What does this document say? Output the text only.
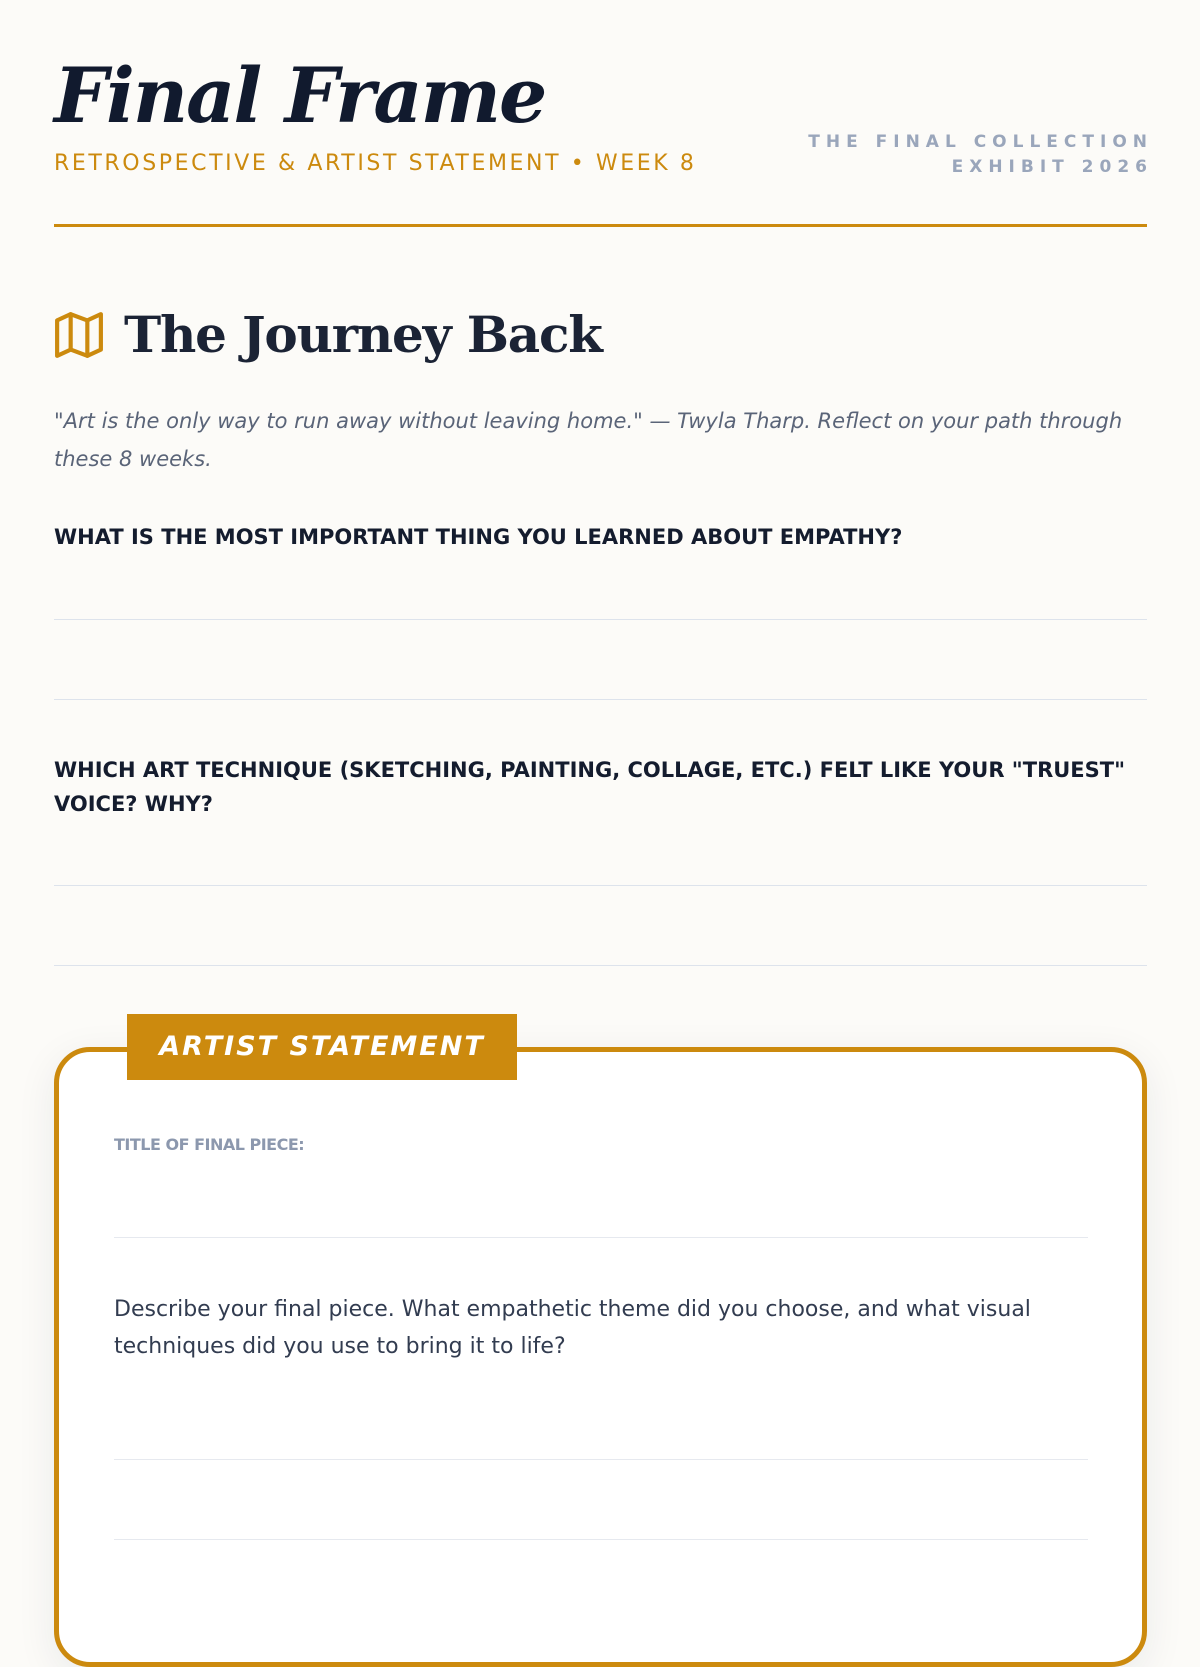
Final Frame
RETROSPECTIVE & ARTIST STATEMENT • WEEK 8
THE FINAL COLLECTION
EXHIBIT 2026
The Journey Back

"Art is the only way to run away without leaving home." — Twyla Tharp. Reflect on your path through these 8 weeks.

WHAT IS THE MOST IMPORTANT THING YOU LEARNED ABOUT EMPATHY?

WHICH ART TECHNIQUE (SKETCHING, PAINTING, COLLAGE, ETC.) FELT LIKE YOUR "TRUEST" VOICE? WHY?

ARTIST STATEMENT
TITLE OF FINAL PIECE:

Describe your final piece. What empathetic theme did you choose, and what visual techniques did you use to bring it to life?
